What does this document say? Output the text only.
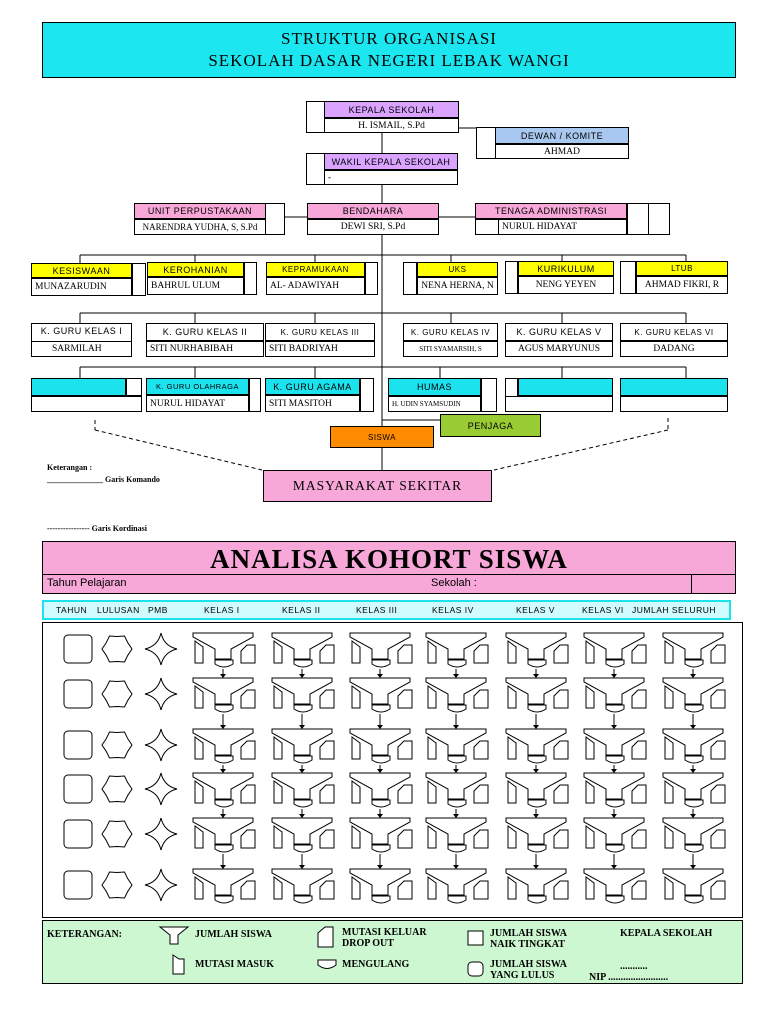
STRUKTUR ORGANISASI
SEKOLAH DASAR NEGERI LEBAK WANGI
KEPALA SEKOLAH
H. ISMAIL, S.Pd
DEWAN / KOMITE
AHMAD
WAKIL KEPALA SEKOLAH
-
UNIT PERPUSTAKAAN
NARENDRA YUDHA, S, S.Pd
BENDAHARA
DEWI SRI, S.Pd
TENAGA ADMINISTRASI
NURUL HIDAYAT
KESISWAAN
MUNAZARUDIN
KEROHANIAN
BAHRUL ULUM
KEPRAMUKAAN
AL- ADAWIYAH
UKS
NENA HERNA, N
KURIKULUM
NENG YEYEN
LTUB
AHMAD FIKRI, R
K. GURU KELAS I
SARMILAH
K. GURU KELAS II
SITI NURHABIBAH
K. GURU KELAS III
SITI BADRIYAH
K. GURU KELAS IV
SITI SYAMARSIH, S
K. GURU KELAS V
AGUS MARYUNUS
K. GURU KELAS VI
DADANG
K. GURU OLAHRAGA
NURUL HIDAYAT
K. GURU AGAMA
SITI MASITOH
HUMAS
H. UDIN SYAMSUDIN
PENJAGA
SISWA
MASYARAKAT SEKITAR
Keterangan :
______________ Garis Komando
---------------- Garis Kordinasi
ANALISA KOHORT SISWA
Tahun Pelajaran	Sekolah :
TAHUN LULUSAN PMB	KELAS I	KELAS II	KELAS III	KELAS IV	KELAS V	KELAS VI JUMLAH SELURUH
KETERANGAN:	JUMLAH SISWA	MUTASI KELUAR
DROP OUT
JUMLAH SISWA
NAIK TINGKAT
KEPALA SEKOLAH
MUTASI MASUK	MENGULANG	JUMLAH SISWA
YANG LULUS
...........
NIP ........................
